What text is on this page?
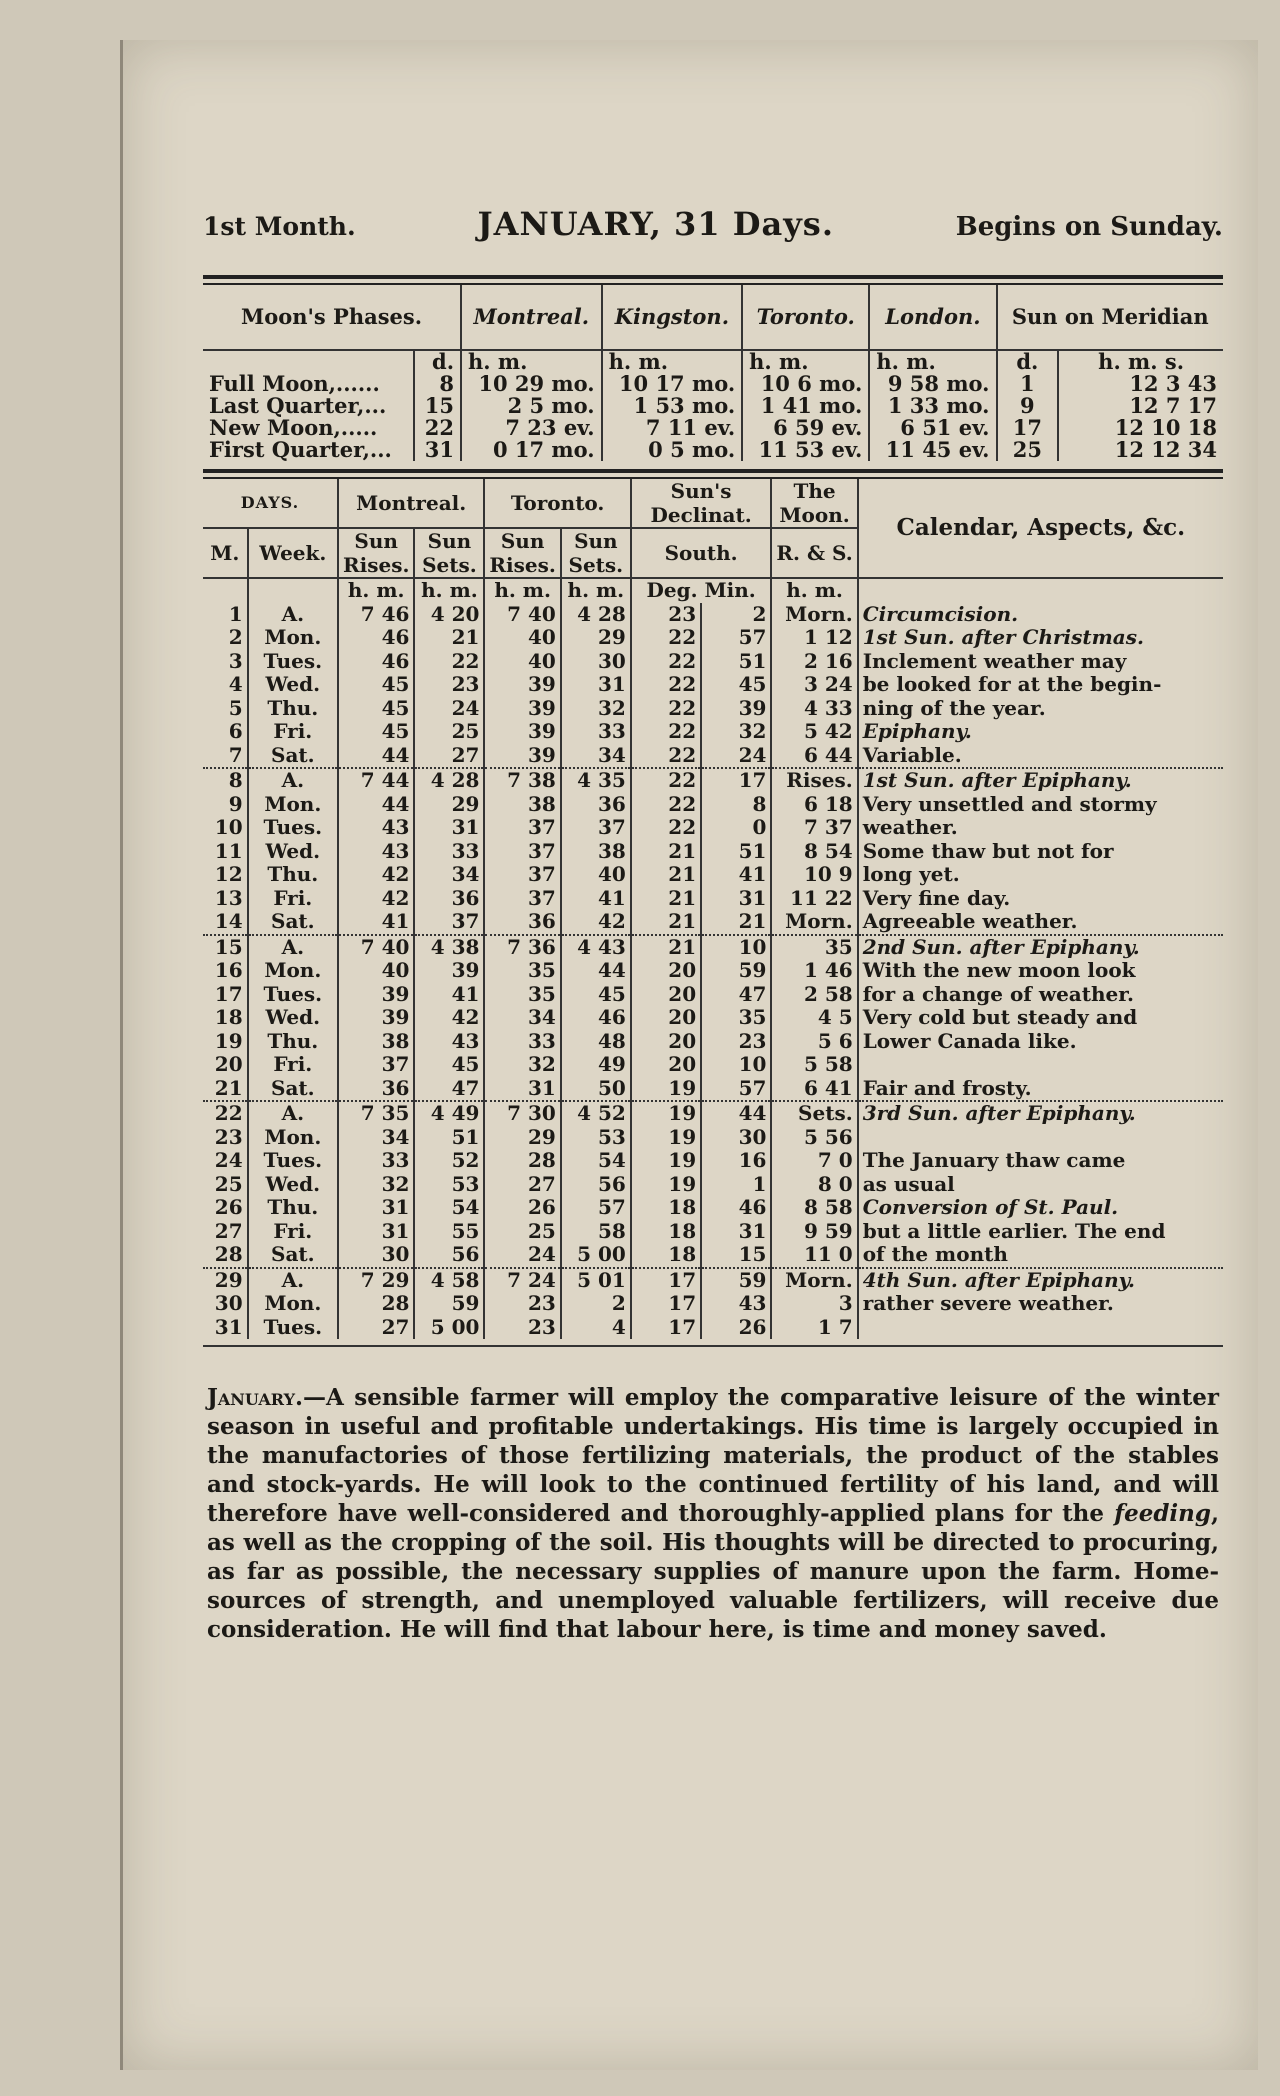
1st Month.	JANUARY, 31 Days.	Begins on Sunday.
Moon's Phases.		Montreal.	Kingston.	Toronto.	London.	Sun on Meridian	
	d.	h. m.	h. m.	h. m.	h. m.	d.	h. m. s.
Full Moon,......	8	10 29 mo.	10 17 mo.	10 6 mo.	9 58 mo.	1	12 3 43
Last Quarter,...	15	2 5 mo.	1 53 mo.	1 41 mo.	1 33 mo.	9	12 7 17
New Moon,.....	22	7 23 ev.	7 11 ev.	6 59 ev.	6 51 ev.	17	12 10 18
First Quarter,...	31	0 17 mo.	0 5 mo.	11 53 ev.	11 45 ev.	25	12 12 34
DAYS.		Montreal.		Toronto.		Sun's Declinat.		The Moon.	Calendar, Aspects, &c.
M.	Week.	Sun Rises.	Sun Sets.	Sun Rises.	Sun Sets.	South.		R. & S.	
		h. m.	h. m.	h. m.	h. m.	Deg. Min.		h. m.	
1	A.	7 46	4 20	7 40	4 28	23	2	Morn.	Circumcision.
2	Mon.	46	21	40	29	22	57	1 12	1st Sun. after Christmas.
3	Tues.	46	22	40	30	22	51	2 16	Inclement weather may
4	Wed.	45	23	39	31	22	45	3 24	be looked for at the begin-
5	Thu.	45	24	39	32	22	39	4 33	ning of the year.
6	Fri.	45	25	39	33	22	32	5 42	Epiphany.
7	Sat.	44	27	39	34	22	24	6 44	Variable.
8	A.	7 44	4 28	7 38	4 35	22	17	Rises.	1st Sun. after Epiphany.
9	Mon.	44	29	38	36	22	8	6 18	Very unsettled and stormy
10	Tues.	43	31	37	37	22	0	7 37	weather.
11	Wed.	43	33	37	38	21	51	8 54	Some thaw but not for
12	Thu.	42	34	37	40	21	41	10 9	long yet.
13	Fri.	42	36	37	41	21	31	11 22	Very fine day.
14	Sat.	41	37	36	42	21	21	Morn.	Agreeable weather.
15	A.	7 40	4 38	7 36	4 43	21	10	35	2nd Sun. after Epiphany.
16	Mon.	40	39	35	44	20	59	1 46	With the new moon look
17	Tues.	39	41	35	45	20	47	2 58	for a change of weather.
18	Wed.	39	42	34	46	20	35	4 5	Very cold but steady and
19	Thu.	38	43	33	48	20	23	5 6	Lower Canada like.
20	Fri.	37	45	32	49	20	10	5 58	
21	Sat.	36	47	31	50	19	57	6 41	Fair and frosty.
22	A.	7 35	4 49	7 30	4 52	19	44	Sets.	3rd Sun. after Epiphany.
23	Mon.	34	51	29	53	19	30	5 56	
24	Tues.	33	52	28	54	19	16	7 0	The January thaw came
25	Wed.	32	53	27	56	19	1	8 0	as usual
26	Thu.	31	54	26	57	18	46	8 58	Conversion of St. Paul.
27	Fri.	31	55	25	58	18	31	9 59	but a little earlier. The end
28	Sat.	30	56	24	5 00	18	15	11 0	of the month
29	A.	7 29	4 58	7 24	5 01	17	59	Morn.	4th Sun. after Epiphany.
30	Mon.	28	59	23	2	17	43	3	rather severe weather.
31	Tues.	27	5 00	23	4	17	26	1 7	

January.—A sensible farmer will employ the comparative leisure of the winter season in useful and profitable undertakings. His time is largely occupied in the manufactories of those fertilizing materials, the product of the stables and stock-yards. He will look to the continued fertility of his land, and will therefore have well-considered and thoroughly-applied plans for the feeding, as well as the cropping of the soil. His thoughts will be directed to procuring, as far as possible, the necessary supplies of manure upon the farm. Home-sources of strength, and unemployed valuable fertilizers, will receive due consideration. He will find that labour here, is time and money saved.
